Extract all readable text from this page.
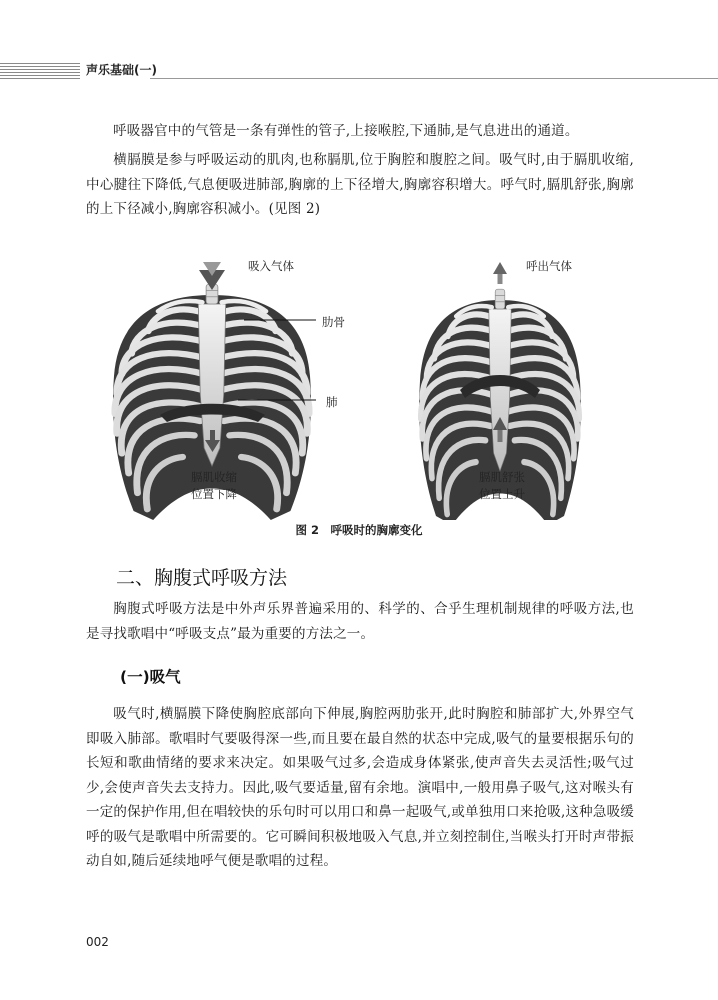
声乐基础(一)
呼吸器官中的气管是一条有弹性的管子,上接喉腔,下通肺,是气息进出的通道。
横膈膜是参与呼吸运动的肌肉,也称膈肌,位于胸腔和腹腔之间。吸气时,由于膈肌收缩,中心腱往下降低,气息便吸进肺部,胸廓的上下径增大,胸廓容积增大。呼气时,膈肌舒张,胸廓的上下径减小,胸廓容积减小。(见图 2)
吸入气体	呼出气体
肋骨
肺
膈肌收缩
位置下降
膈肌舒张
位置上升
图 2　呼吸时的胸廓变化
二、胸腹式呼吸方法
胸腹式呼吸方法是中外声乐界普遍采用的、科学的、合乎生理机制规律的呼吸方法,也是寻找歌唱中“呼吸支点”最为重要的方法之一。
(一)吸气
吸气时,横膈膜下降使胸腔底部向下伸展,胸腔两肋张开,此时胸腔和肺部扩大,外界空气即吸入肺部。歌唱时气要吸得深一些,而且要在最自然的状态中完成,吸气的量要根据乐句的长短和歌曲情绪的要求来决定。如果吸气过多,会造成身体紧张,使声音失去灵活性;吸气过少,会使声音失去支持力。因此,吸气要适量,留有余地。演唱中,一般用鼻子吸气,这对喉头有一定的保护作用,但在唱较快的乐句时可以用口和鼻一起吸气,或单独用口来抢吸,这种急吸缓呼的吸气是歌唱中所需要的。它可瞬间积极地吸入气息,并立刻控制住,当喉头打开时声带振动自如,随后延续地呼气便是歌唱的过程。
002
